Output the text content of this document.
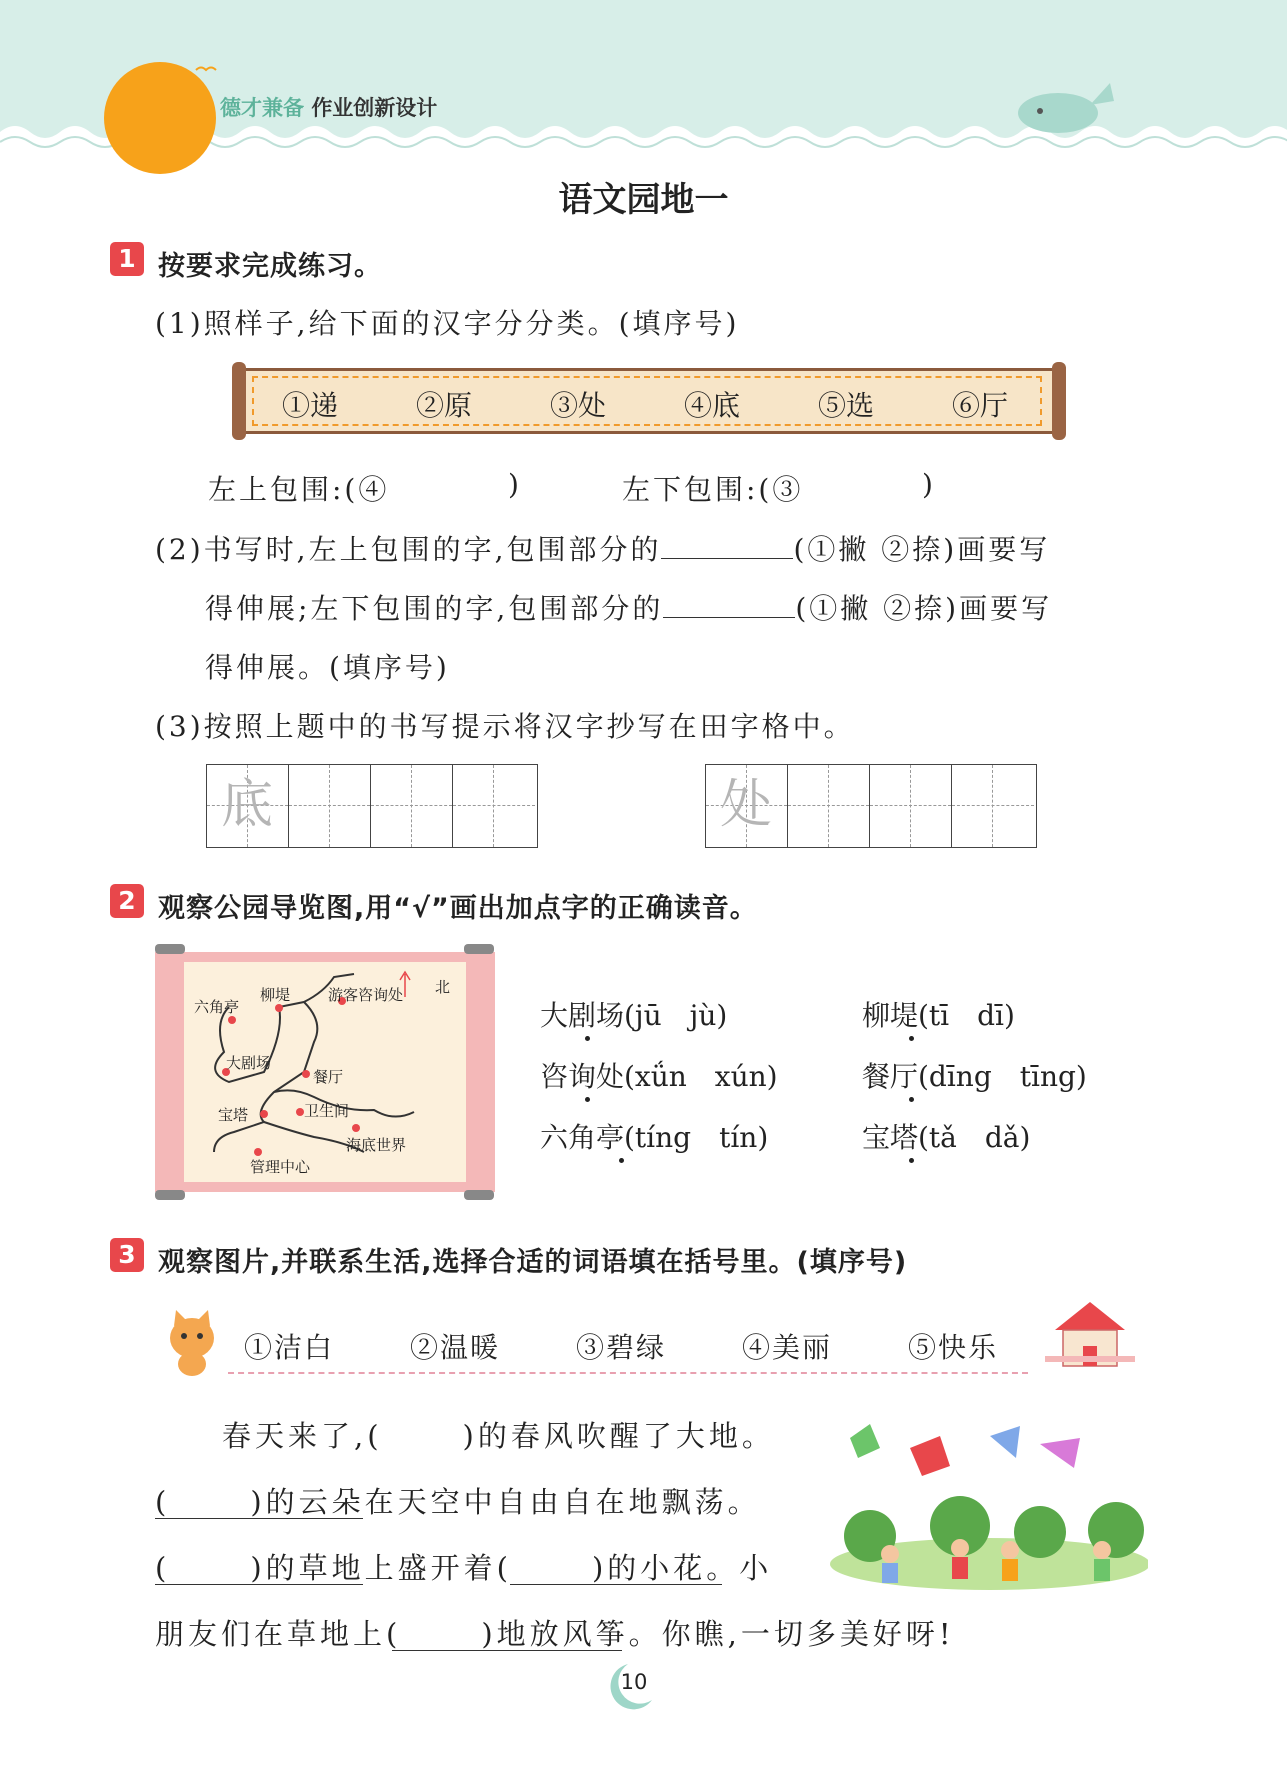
德才兼备 作业创新设计
语文园地一
1 按要求完成练习。
(1)照样子,给下面的汉字分分类。(填序号)
①递	②原	③处	④底	⑤选	⑥厅
左上包围:(④	)	左下包围:(③	)
(2)书写时,左上包围的字,包围部分的	(①撇 ②捺)画要写
得伸展;左下包围的字,包围部分的	(①撇 ②捺)画要写
得伸展。(填序号)
(3)按照上题中的书写提示将汉字抄写在田字格中。
底	处
2 观察公园导览图,用“√”画出加点字的正确读音。
六角亭
柳堤	游客咨询处 北
大剧场
餐厅
宝塔	卫生间
海底世界
管理中心
大剧场(jū　jù)	柳堤(tī　dī)
咨询处(xǘn　xún)	餐厅(dīng　tīng)
六角亭(tíng　tín)	宝塔(tǎ　dǎ)
3 观察图片,并联系生活,选择合适的词语填在括号里。(填序号)
①洁白	②温暖	③碧绿	④美丽	⑤快乐
春天来了,(	)的春风吹醒了大地。
(	)的云朵在天空中自由自在地飘荡。
(	)的草地上盛开着(	)的小花。小
朋友们在草地上(	)地放风筝。你瞧,一切多美好呀!
10
